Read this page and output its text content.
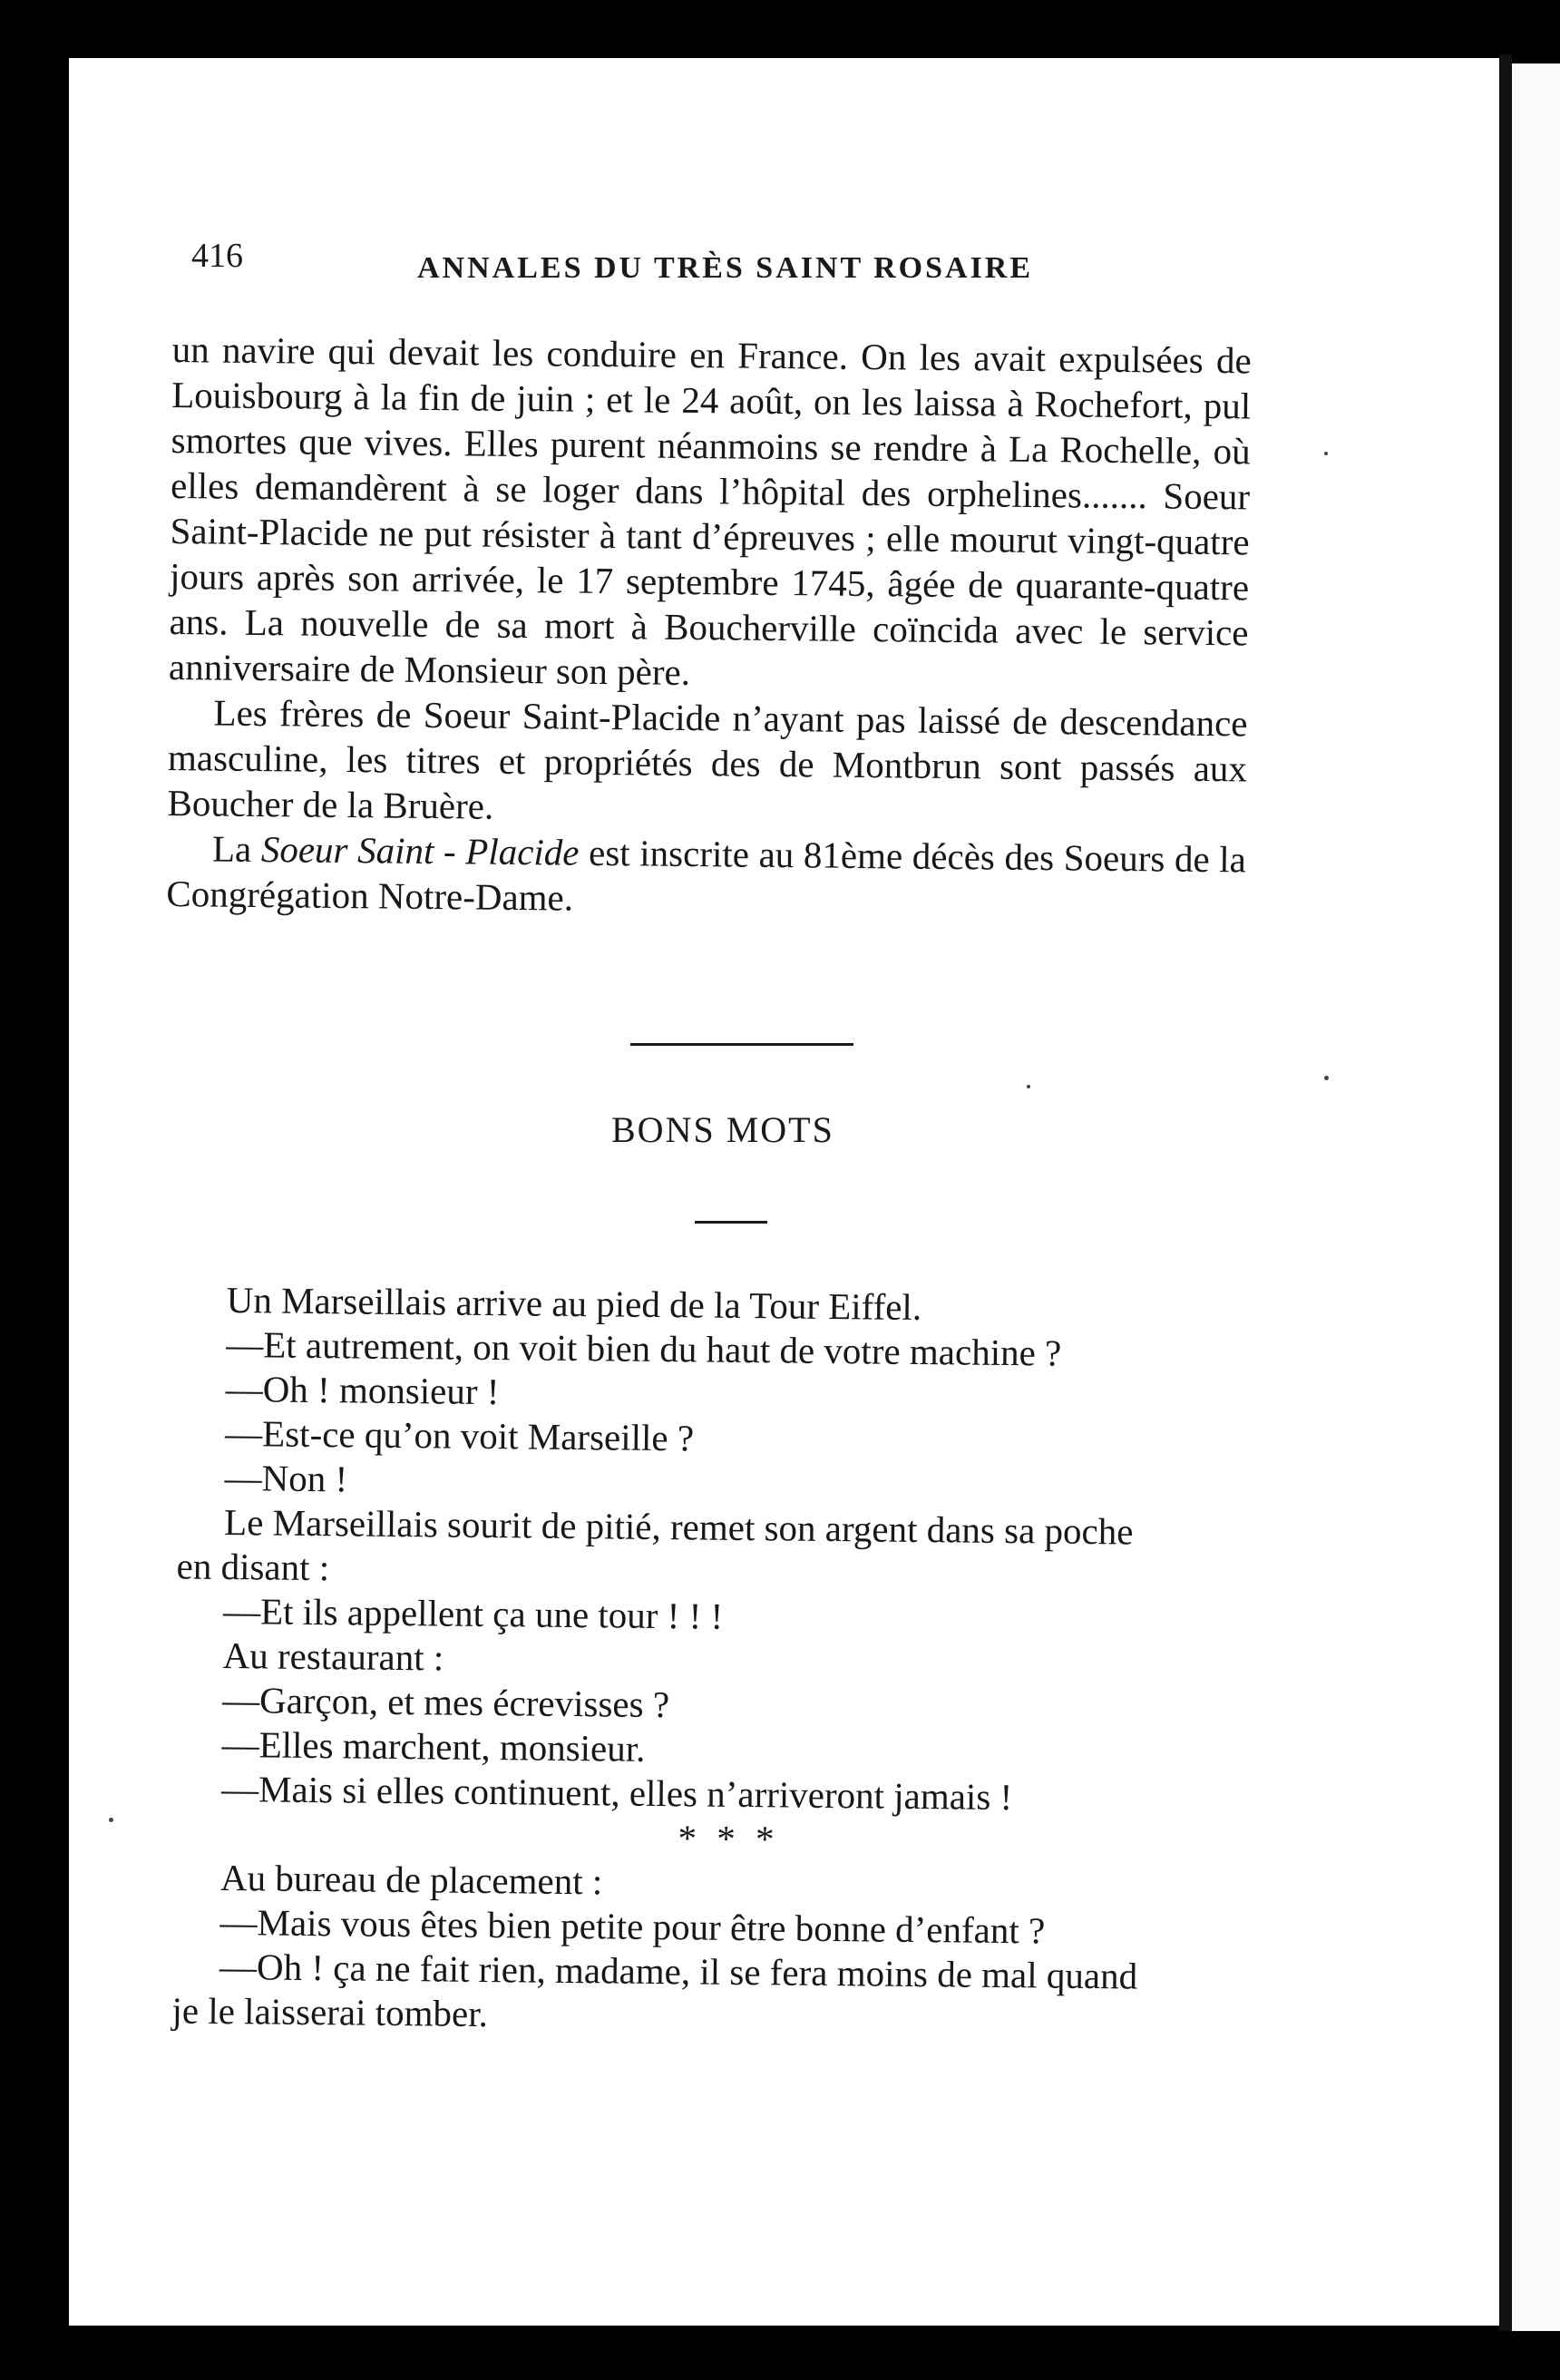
416	ANNALES DU TRÈS SAINT ROSAIRE

un navire qui devait les conduire en France. On les avait expulsées de Louisbourg à la fin de juin ; et le 24 août, on les laissa à Rochefort, pul smortes que vives. Elles purent néanmoins se rendre à La Rochelle, où elles demandèrent à se loger dans l’hôpital des orphelines....... Soeur Saint-Placide ne put résister à tant d’épreuves ; elle mourut vingt-quatre jours après son arrivée, le 17 septembre 1745, âgée de quarante-quatre ans. La nouvelle de sa mort à Boucherville coïncida avec le service anniversaire de Monsieur son père.

Les frères de Soeur Saint-Placide n’ayant pas laissé de descendance masculine, les titres et propriétés des de Montbrun sont passés aux Boucher de la Bruère.

La Soeur Saint - Placide est inscrite au 81ème décès des Soeurs de la Congrégation Notre-Dame.

BONS MOTS

Un Marseillais arrive au pied de la Tour Eiffel.

—Et autrement, on voit bien du haut de votre machine ?

—Oh ! monsieur !

—Est-ce qu’on voit Marseille ?

—Non !

Le Marseillais sourit de pitié, remet son argent dans sa poche

en disant :

—Et ils appellent ça une tour ! ! !

Au restaurant :

—Garçon, et mes écrevisses ?

—Elles marchent, monsieur.

—Mais si elles continuent, elles n’arriveront jamais !

* * *

Au bureau de placement :

—Mais vous êtes bien petite pour être bonne d’enfant ?

—Oh ! ça ne fait rien, madame, il se fera moins de mal quand

je le laisserai tomber.
